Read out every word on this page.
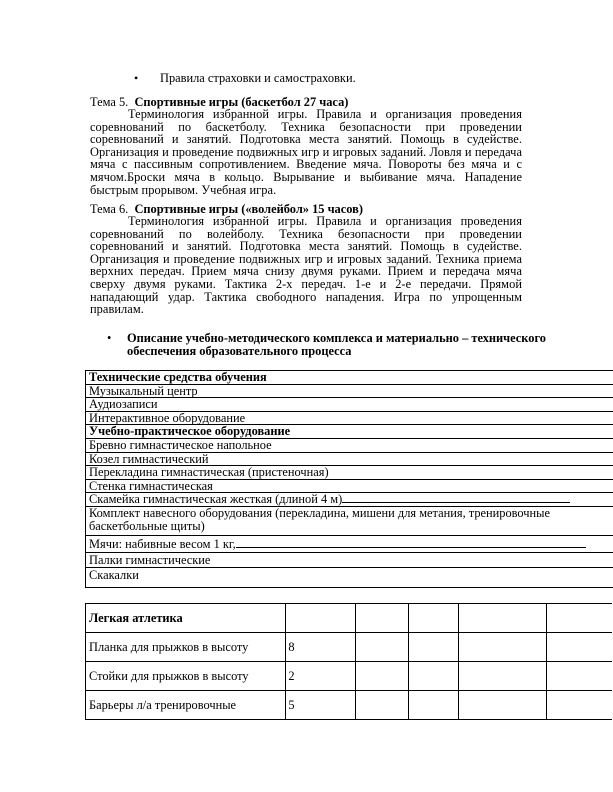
• Правила страховки и самостраховки.
Тема 5. Спортивные игры (баскетбол 27 часа)
Терминология избранной игры. Правила и организация проведения соревнований по баскетболу. Техника безопасности при проведении соревнований и занятий. Подготовка места занятий. Помощь в судействе. Организация и проведение подвижных игр и игровых заданий. Ловля и передача мяча с пассивным сопротивлением. Введение мяча. Повороты без мяча и с мячом.Броски мяча в кольцо. Вырывание и выбивание мяча. Нападение быстрым прорывом. Учебная игра.
Тема 6. Спортивные игры («волейбол» 15 часов)
Терминология избранной игры. Правила и организация проведения соревнований по волейболу. Техника безопасности при проведении соревнований и занятий. Подготовка места занятий. Помощь в судействе. Организация и проведение подвижных игр и игровых заданий. Техника приема верхних передач. Прием мяча снизу двумя руками. Прием и передача мяча сверху двумя руками. Тактика 2-х передач. 1-е и 2-е передачи. Прямой нападающий удар. Тактика свободного нападения. Игра по упрощенным правилам.
• Описание учебно-методического комплекса и материально – технического обеспечения образовательного процесса
Технические средства обучения
Музыкальный центр
Аудиозаписи
Интерактивное оборудование
Учебно-практическое оборудование
Бревно гимнастическое напольное
Козел гимнастический
Перекладина гимнастическая (пристеночная)
Стенка гимнастическая
Скамейка гимнастическая жесткая (длиной 4 м)
Комплект навесного оборудования (перекладина, мишени для метания, тренировочные баскетбольные щиты)
Мячи: набивные весом 1 кг,
Палки гимнастические
Скакалки
Легкая атлетика					
Планка для прыжков в высоту	8				
Стойки для прыжков в высоту	2				
Барьеры л/а тренировочные	5				
